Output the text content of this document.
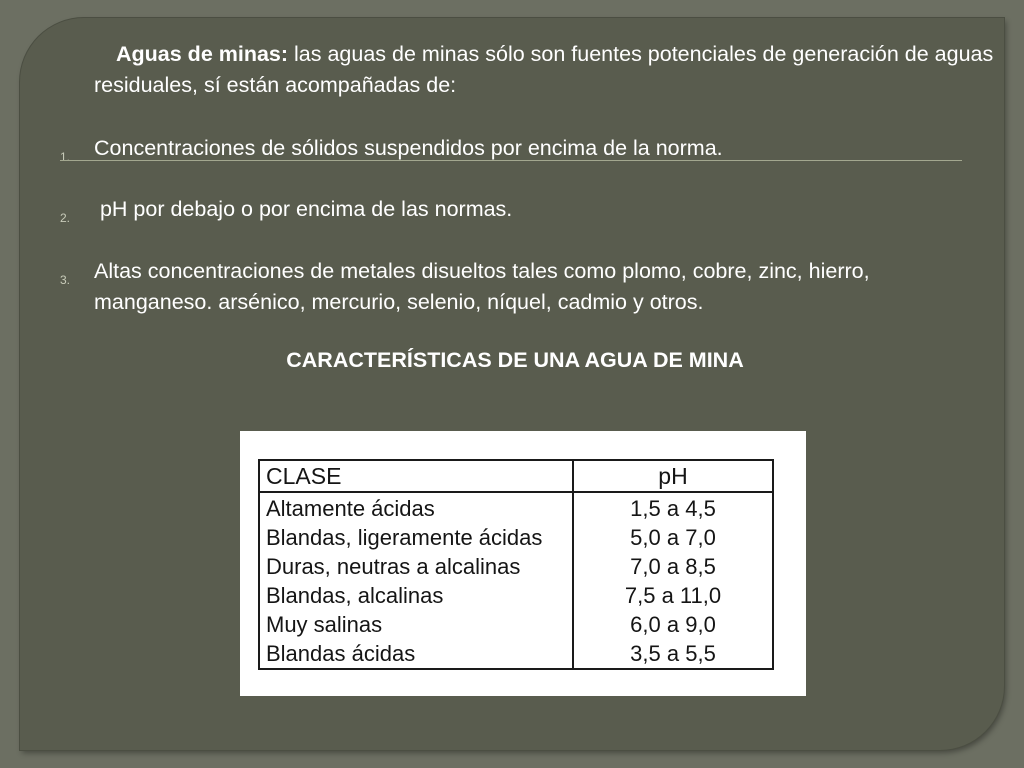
Aguas de minas: las aguas de minas sólo son fuentes potenciales de generación de aguas residuales, sí están acompañadas de:
1.	Concentraciones de sólidos suspendidos por encima de la norma.
2.	pH por debajo o por encima de las normas.
3.	Altas concentraciones de metales disueltos tales como plomo, cobre, zinc, hierro, manganeso. arsénico, mercurio, selenio, níquel, cadmio y otros.
CARACTERÍSTICAS DE UNA AGUA DE MINA
CLASE	pH
Altamente ácidas	1,5 a 4,5
Blandas, ligeramente ácidas	5,0 a 7,0
Duras, neutras a alcalinas	7,0 a 8,5
Blandas, alcalinas	7,5 a 11,0
Muy salinas	6,0 a 9,0
Blandas ácidas	3,5 a 5,5
